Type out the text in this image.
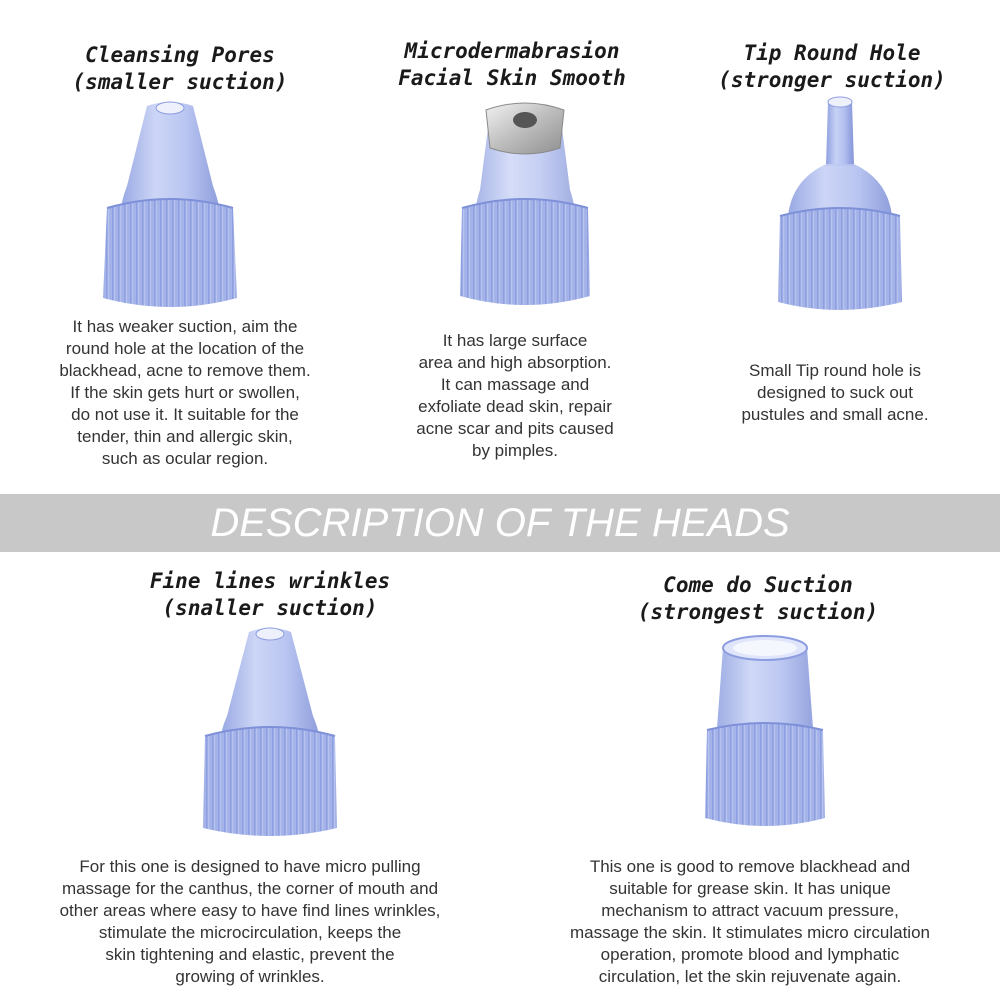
Cleansing Pores
(smaller suction)
It has weaker suction, aim the
round hole at the location of the
blackhead, acne to remove them.
If the skin gets hurt or swollen,
do not use it. It suitable for the
tender, thin and allergic skin,
such as ocular region.
Microdermabrasion
Facial Skin Smooth
It has large surface
area and high absorption.
It can massage and
exfoliate dead skin, repair
acne scar and pits caused
by pimples.
Tip Round Hole
(stronger suction)
Small Tip round hole is
designed to suck out
pustules and small acne.
DESCRIPTION OF THE HEADS
Fine lines wrinkles
(snaller suction)
For this one is designed to have micro pulling
massage for the canthus, the corner of mouth and
other areas where easy to have find lines wrinkles,
stimulate the microcirculation, keeps the
skin tightening and elastic, prevent the
growing of wrinkles.
Come do Suction
(strongest suction)
This one is good to remove blackhead and
suitable for grease skin. It has unique
mechanism to attract vacuum pressure,
massage the skin. It stimulates micro circulation
operation, promote blood and lymphatic
circulation, let the skin rejuvenate again.
